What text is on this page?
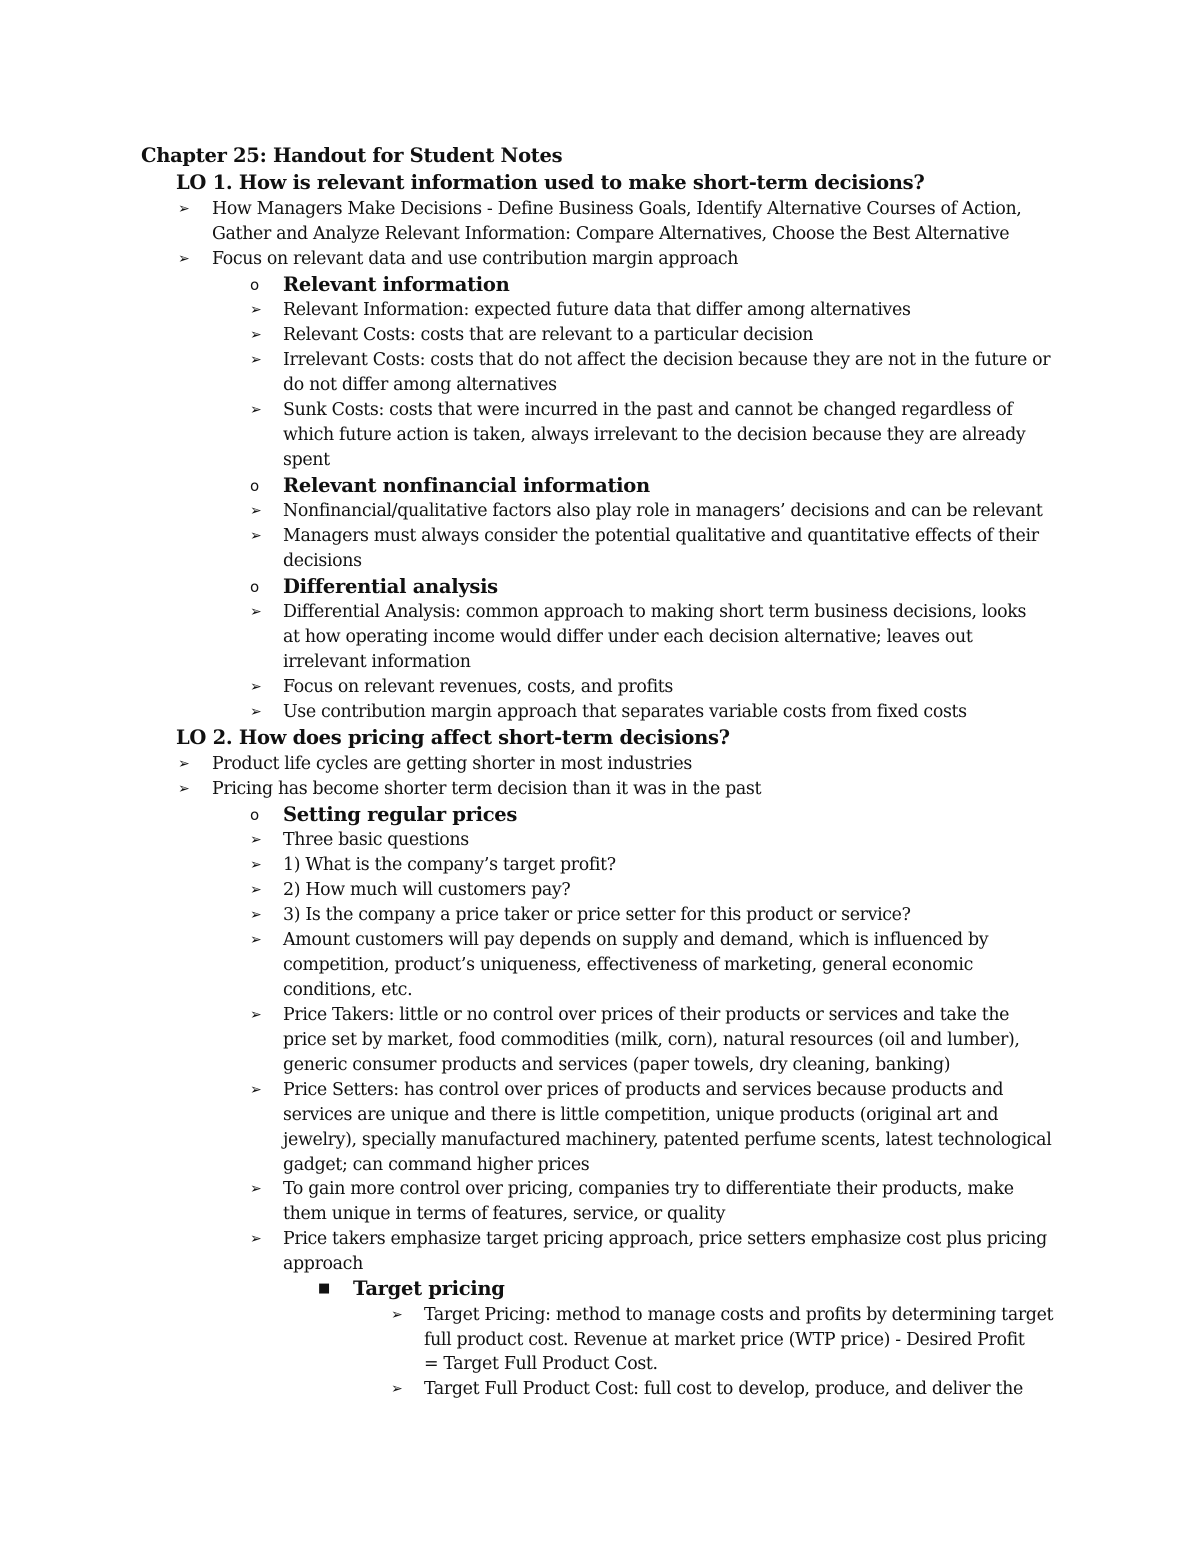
Chapter 25: Handout for Student Notes
LO 1. How is relevant information used to make short-term decisions?
➢ How Managers Make Decisions - Define Business Goals, Identify Alternative Courses of Action,
Gather and Analyze Relevant Information: Compare Alternatives, Choose the Best Alternative
➢ Focus on relevant data and use contribution margin approach
o Relevant information
➢ Relevant Information: expected future data that differ among alternatives
➢ Relevant Costs: costs that are relevant to a particular decision
➢ Irrelevant Costs: costs that do not affect the decision because they are not in the future or
do not differ among alternatives
➢ Sunk Costs: costs that were incurred in the past and cannot be changed regardless of
which future action is taken, always irrelevant to the decision because they are already
spent
o Relevant nonfinancial information
➢ Nonfinancial/qualitative factors also play role in managers’ decisions and can be relevant
➢ Managers must always consider the potential qualitative and quantitative effects of their
decisions
o Differential analysis
➢ Differential Analysis: common approach to making short term business decisions, looks
at how operating income would differ under each decision alternative; leaves out
irrelevant information
➢ Focus on relevant revenues, costs, and profits
➢ Use contribution margin approach that separates variable costs from fixed costs
LO 2. How does pricing affect short-term decisions?
➢ Product life cycles are getting shorter in most industries
➢ Pricing has become shorter term decision than it was in the past
o Setting regular prices
➢ Three basic questions
➢ 1) What is the company’s target profit?
➢ 2) How much will customers pay?
➢ 3) Is the company a price taker or price setter for this product or service?
➢ Amount customers will pay depends on supply and demand, which is influenced by
competition, product’s uniqueness, effectiveness of marketing, general economic
conditions, etc.
➢ Price Takers: little or no control over prices of their products or services and take the
price set by market, food commodities (milk, corn), natural resources (oil and lumber),
generic consumer products and services (paper towels, dry cleaning, banking)
➢ Price Setters: has control over prices of products and services because products and
services are unique and there is little competition, unique products (original art and
jewelry), specially manufactured machinery, patented perfume scents, latest technological
gadget; can command higher prices
➢ To gain more control over pricing, companies try to differentiate their products, make
them unique in terms of features, service, or quality
➢ Price takers emphasize target pricing approach, price setters emphasize cost plus pricing
approach
■ Target pricing
➢ Target Pricing: method to manage costs and profits by determining target
full product cost. Revenue at market price (WTP price) - Desired Profit
= Target Full Product Cost.
➢ Target Full Product Cost: full cost to develop, produce, and deliver the
